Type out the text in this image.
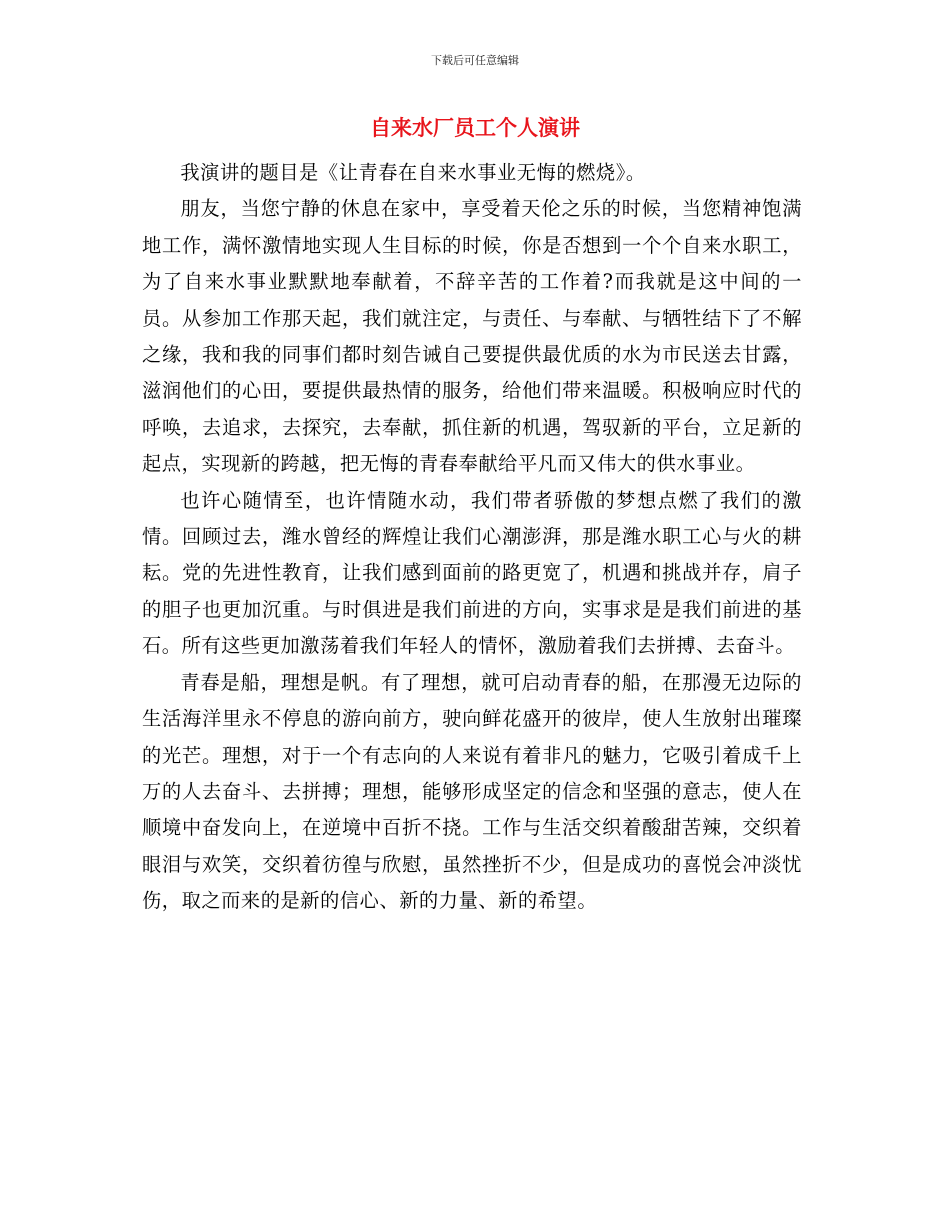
下载后可任意编辑
自来水厂员工个人演讲

我演讲的题目是《让青春在自来水事业无悔的燃烧》。

朋友，当您宁静的休息在家中，享受着天伦之乐的时候，当您精神饱满地工作，满怀激情地实现人生目标的时候，你是否想到一个个自来水职工，为了自来水事业默默地奉献着，不辞辛苦的工作着?而我就是这中间的一员。从参加工作那天起，我们就注定，与责任、与奉献、与牺牲结下了不解之缘，我和我的同事们都时刻告诫自己要提供最优质的水为市民送去甘露，滋润他们的心田，要提供最热情的服务，给他们带来温暖。积极响应时代的呼唤，去追求，去探究，去奉献，抓住新的机遇，驾驭新的平台，立足新的起点，实现新的跨越，把无悔的青春奉献给平凡而又伟大的供水事业。

也许心随情至，也许情随水动，我们带者骄傲的梦想点燃了我们的激情。回顾过去，潍水曾经的辉煌让我们心潮澎湃，那是潍水职工心与火的耕耘。党的先进性教育，让我们感到面前的路更宽了，机遇和挑战并存，肩子的胆子也更加沉重。与时俱进是我们前进的方向，实事求是是我们前进的基石。所有这些更加激荡着我们年轻人的情怀，激励着我们去拼搏、去奋斗。

青春是船，理想是帆。有了理想，就可启动青春的船，在那漫无边际的生活海洋里永不停息的游向前方，驶向鲜花盛开的彼岸，使人生放射出璀璨的光芒。理想，对于一个有志向的人来说有着非凡的魅力，它吸引着成千上万的人去奋斗、去拼搏；理想，能够形成坚定的信念和坚强的意志，使人在顺境中奋发向上，在逆境中百折不挠。工作与生活交织着酸甜苦辣，交织着眼泪与欢笑，交织着彷徨与欣慰，虽然挫折不少，但是成功的喜悦会冲淡忧伤，取之而来的是新的信心、新的力量、新的希望。
